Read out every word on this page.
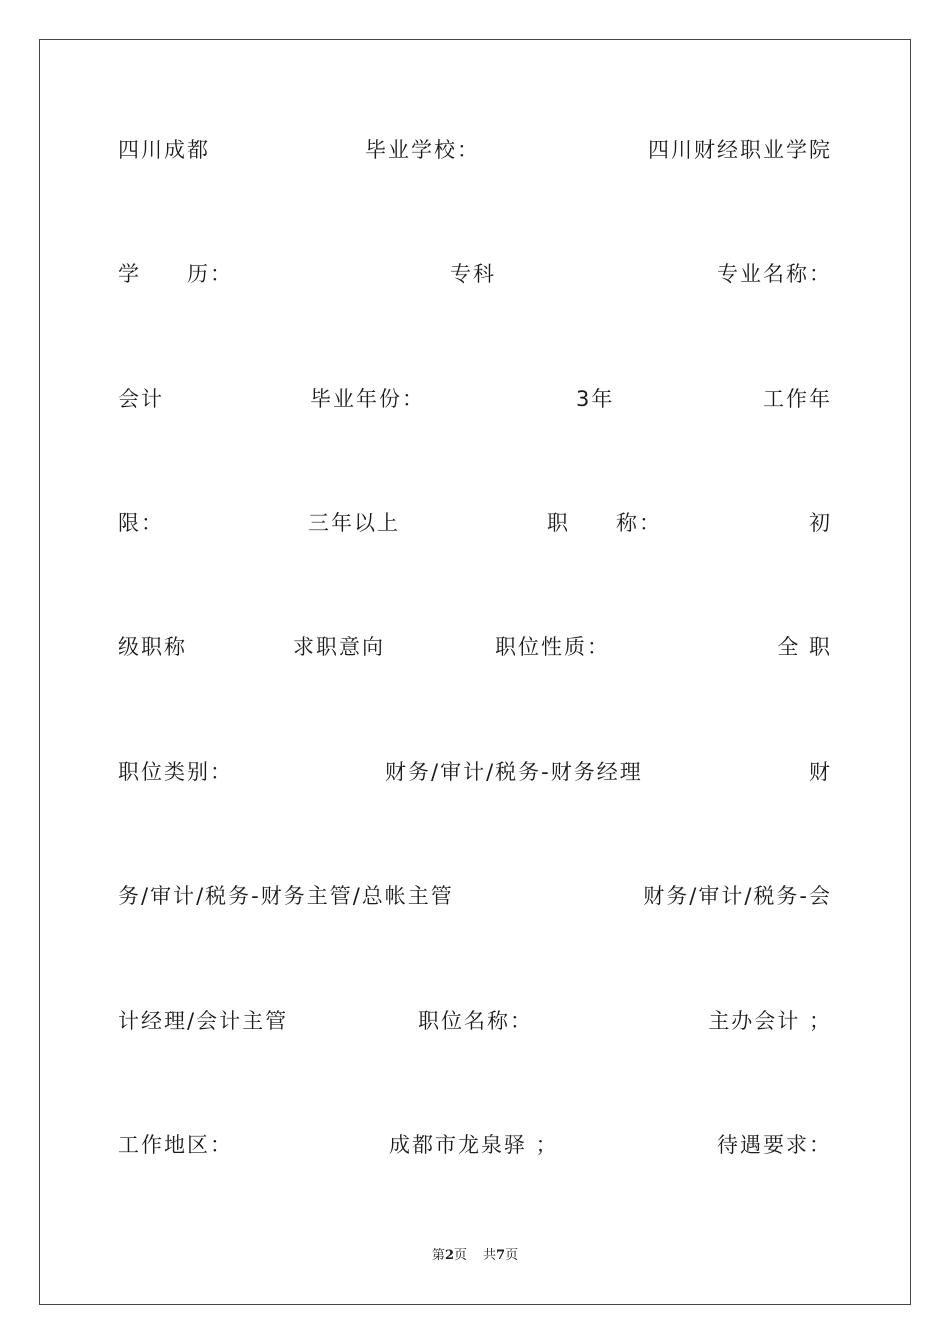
四川成都	毕业学校：	四川财经职业学院
学　　历：	专科	专业名称：
会计	毕业年份：	3年	工作年
限：	三年以上	职　　称：	初
级职称	求职意向	职位性质：	全 职
职位类别：	财务/审计/税务-财务经理	财
务/审计/税务-财务主管/总帐主管	财务/审计/税务-会
计经理/会计主管	职位名称：	主办会计 ；
工作地区：	成都市龙泉驿 ；	待遇要求：
第2页 共7页
